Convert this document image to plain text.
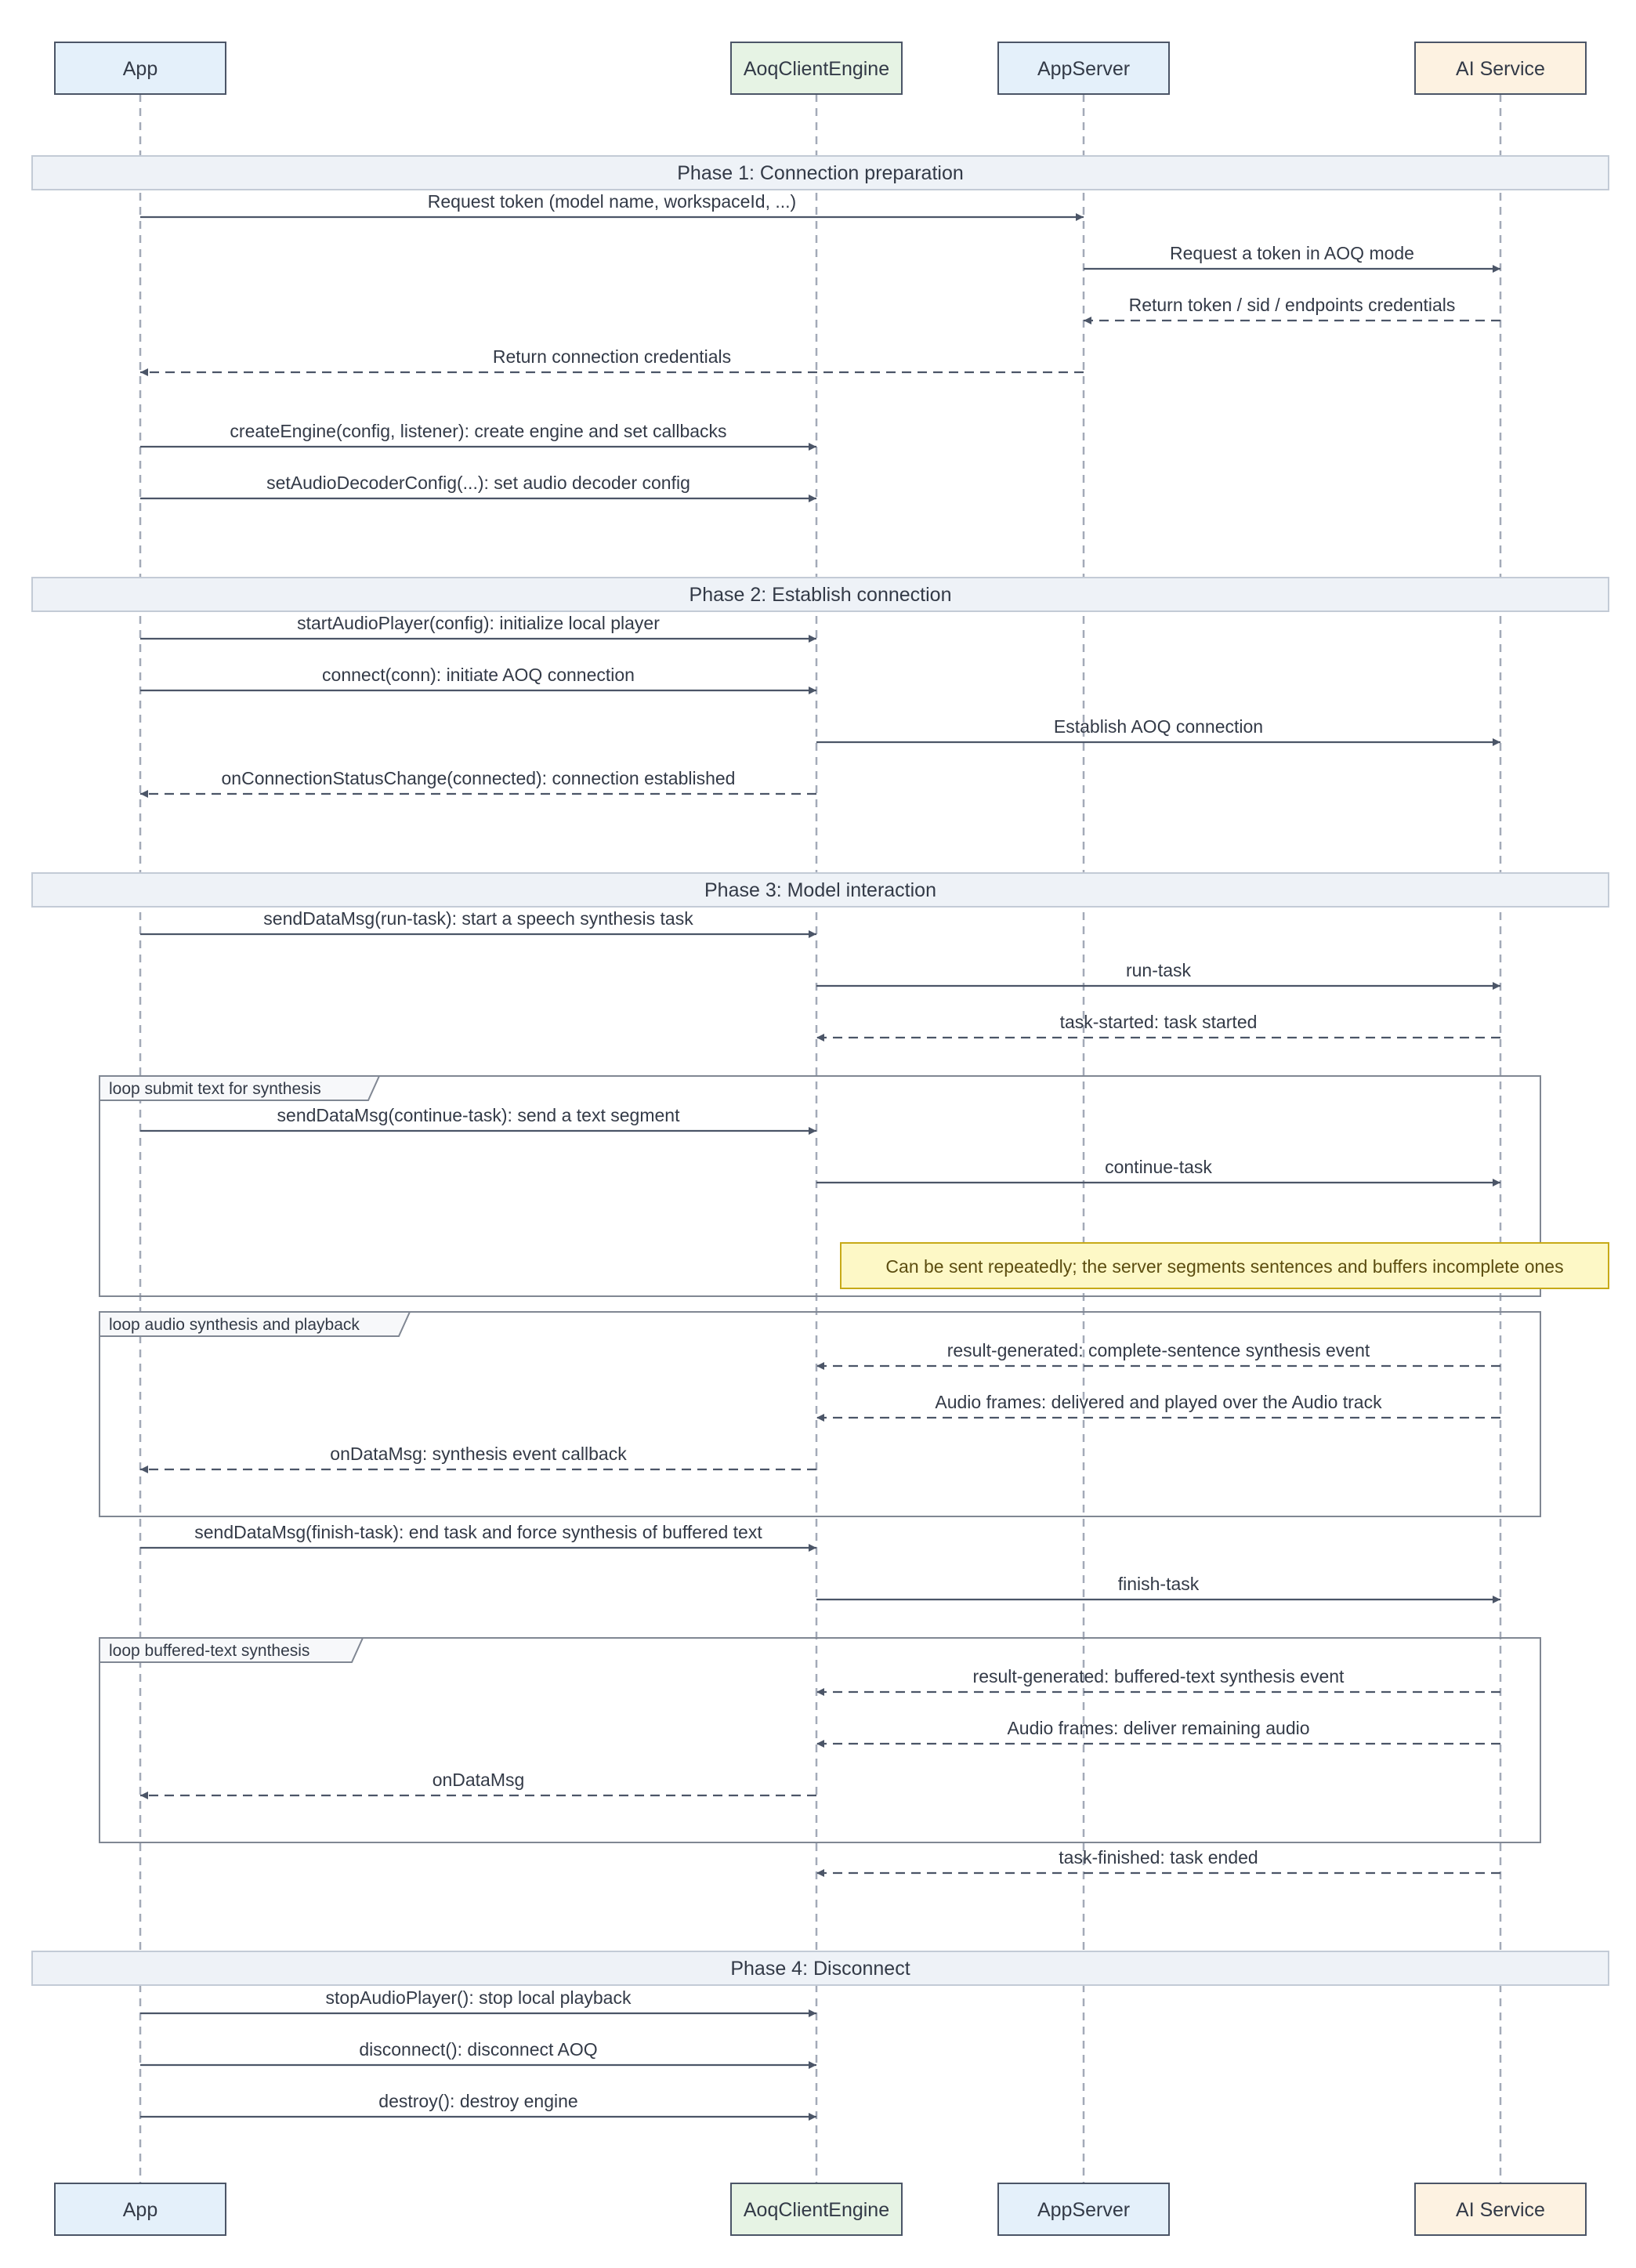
Phase 1: Connection preparation
Phase 2: Establish connection
Phase 3: Model interaction
Phase 4: Disconnect
loop submit text for synthesis
loop audio synthesis and playback
loop buffered-text synthesis
Can be sent repeatedly; the server segments sentences and buffers incomplete ones
Request token (model name, workspaceId, ...)
Request a token in AOQ mode
Return token / sid / endpoints credentials
Return connection credentials
createEngine(config, listener): create engine and set callbacks
setAudioDecoderConfig(...): set audio decoder config
startAudioPlayer(config): initialize local player
connect(conn): initiate AOQ connection
Establish AOQ connection
onConnectionStatusChange(connected): connection established
sendDataMsg(run-task): start a speech synthesis task
run-task
task-started: task started
sendDataMsg(continue-task): send a text segment
continue-task
result-generated: complete-sentence synthesis event
Audio frames: delivered and played over the Audio track
onDataMsg: synthesis event callback
sendDataMsg(finish-task): end task and force synthesis of buffered text
finish-task
result-generated: buffered-text synthesis event
Audio frames: deliver remaining audio
onDataMsg
task-finished: task ended
stopAudioPlayer(): stop local playback
disconnect(): disconnect AOQ
destroy(): destroy engine
App	AoqClientEngine	AppServer	AI Service
App	AoqClientEngine	AppServer	AI Service
